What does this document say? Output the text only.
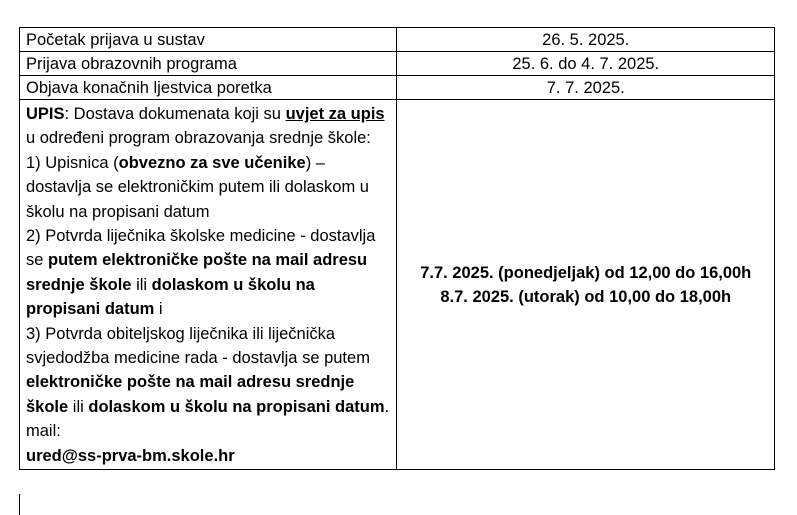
Početak prijava u sustav	26. 5. 2025.
Prijava obrazovnih programa	25. 6. do 4. 7. 2025.
Objava konačnih ljestvica poretka	7. 7. 2025.
UPIS: Dostava dokumenata koji su uvjet za upis u određeni program obrazovanja srednje škole:
1) Upisnica (obvezno za sve učenike) – dostavlja se elektroničkim putem ili dolaskom u školu na propisani datum
2) Potvrda liječnika školske medicine - dostavlja se putem elektroničke pošte na mail adresu srednje škole ili dolaskom u školu na propisani datum i
3) Potvrda obiteljskog liječnika ili liječnička svjedodžba medicine rada - dostavlja se putem elektroničke pošte na mail adresu srednje škole ili dolaskom u školu na propisani datum. mail:
ured@ss-prva-bm.skole.hr	7.7. 2025. (ponedjeljak) od 12,00 do 16,00h
8.7. 2025. (utorak) od 10,00 do 18,00h
